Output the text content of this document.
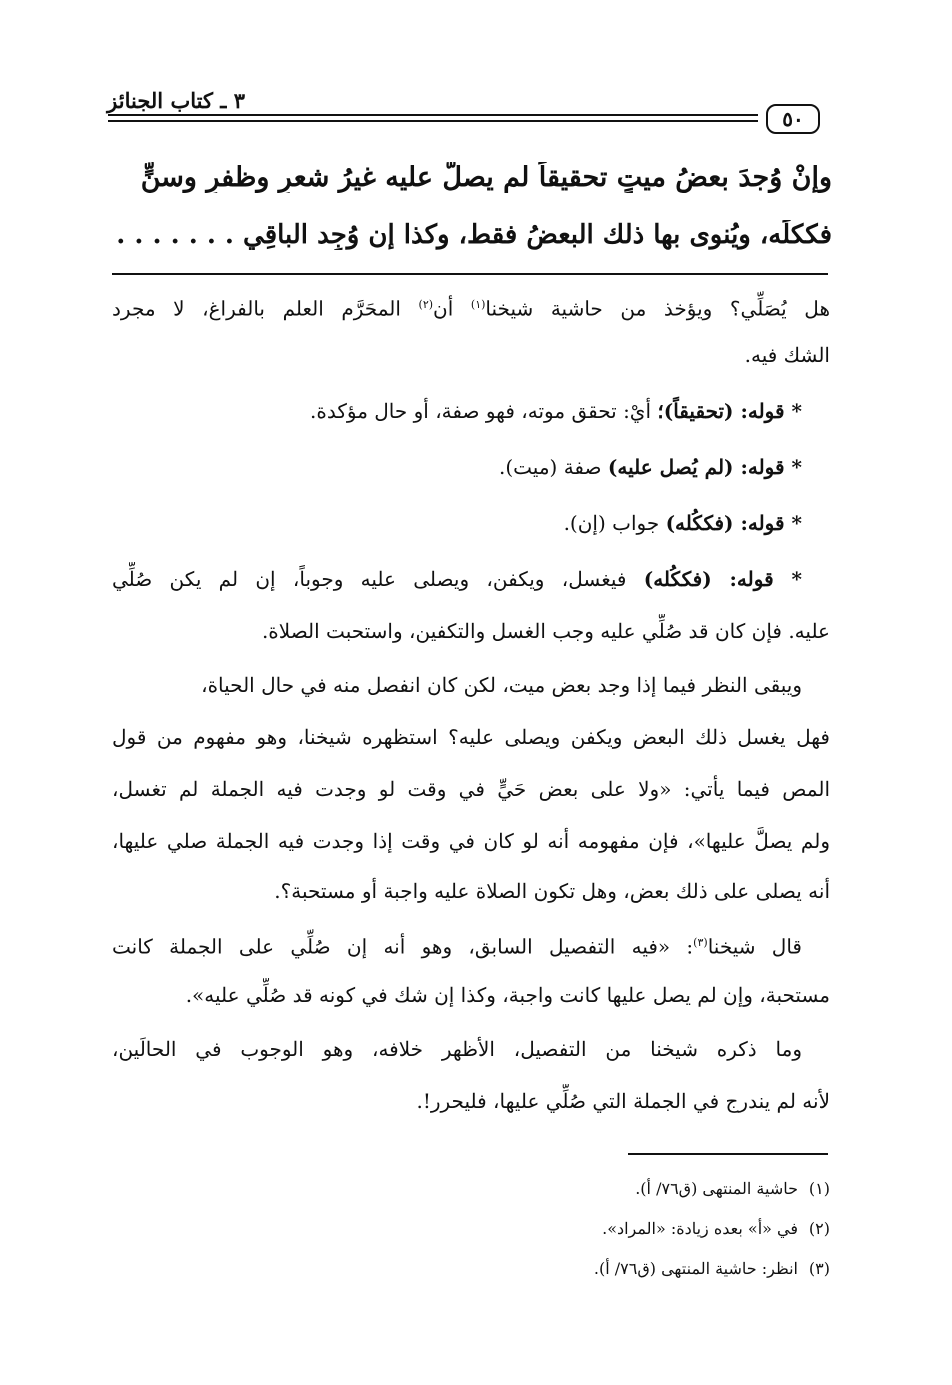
٣ ـ كتاب الجنائز
٥٠
وإنْ وُجدَ بعضُ ميتٍ تحقيقاً لم يصلَّ عليه غيرُ شعرٍ وظفرٍ وسنٍّ
فككلِّه، ويُنوى بها ذلك البعضُ فقط، وكذا إن وُجِد الباقِي . . . . . . .
هل يُصَلِّي؟ ويؤخذ من حاشية شيخنا$^{(١)}$ أن$^{(٢)}$ المحَرَّم العلم بالفراغ، لا مجرد
الشك فيه.
* قوله: (تحقيقاً)؛ أيْ: تحقق موته، فهو صفة، أو حال مؤكدة.
* قوله: (لم يُصل عليه) صفة (ميت).
* قوله: (فككُله) جواب (إن).
* قوله: (فككُله) فيغسل، ويكفن، ويصلى عليه وجوباً، إن لم يكن صُلِّي
عليه. فإن كان قد صُلِّي عليه وجب الغسل والتكفين، واستحبت الصلاة.
ويبقى النظر فيما إذا وجد بعض ميت، لكن كان انفصل منه في حال الحياة،
فهل يغسل ذلك البعض ويكفن ويصلى عليه؟ استظهره شيخنا، وهو مفهوم من قول
المص فيما يأتي: «ولا على بعض حَيٍّ في وقت لو وجدت فيه الجملة لم تغسل،
ولم يصلَّ عليها»، فإن مفهومه أنه لو كان في وقت إذا وجدت فيه الجملة صلي عليها،
أنه يصلى على ذلك بعض، وهل تكون الصلاة عليه واجبة أو مستحبة؟.
قال شيخنا$^{(٣)}$: «فيه التفصيل السابق، وهو أنه إن صُلِّي على الجملة كانت
مستحبة، وإن لم يصل عليها كانت واجبة، وكذا إن شك في كونه قد صُلِّي عليه».
وما ذكره شيخنا من التفصيل، الأظهر خلافه، وهو الوجوب في الحالَين،
لأنه لم يندرج في الجملة التي صُلِّي عليها، فليحرر!.
(١)حاشية المنتهى (ق٧٦/ أ).
(٢)في «أ» بعده زيادة: «المراد».
(٣)انظر: حاشية المنتهى (ق٧٦/ أ).
